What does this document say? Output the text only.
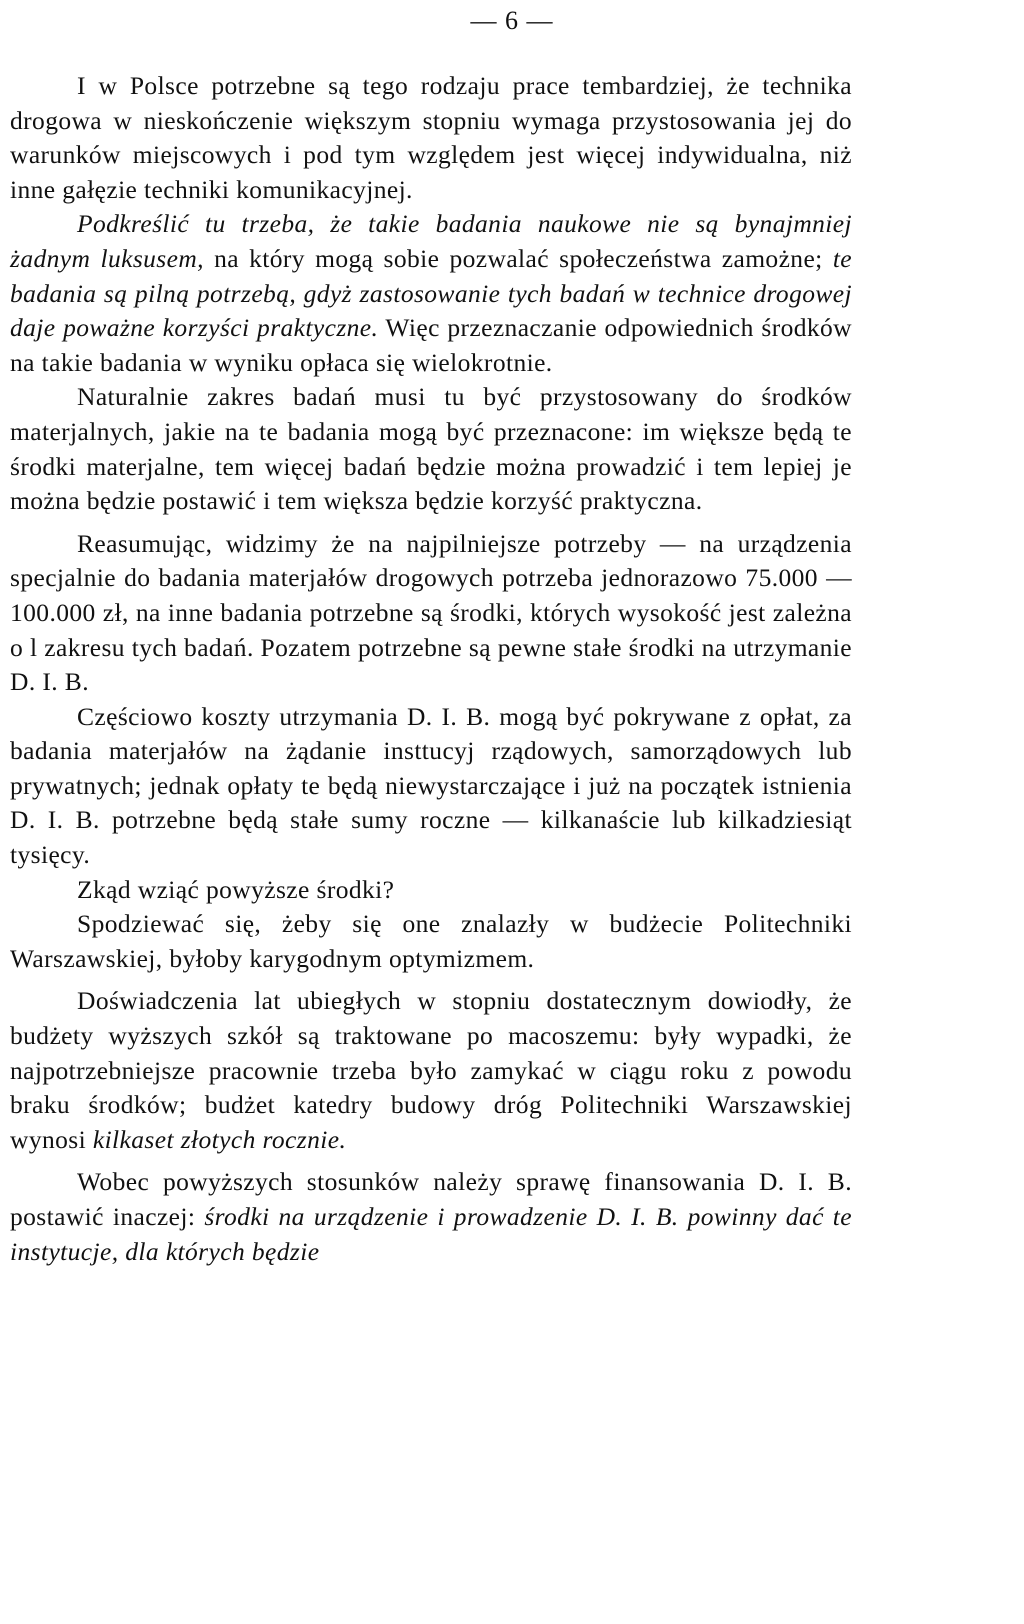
— 6 —

I w Polsce potrzebne są tego rodzaju prace tembardziej, że technika drogowa w nieskończenie większym stopniu wymaga przystosowania jej do warunków miejscowych i pod tym względem jest więcej indywidualna, niż inne gałęzie techniki komunikacyjnej.

Podkreślić tu trzeba, że takie badania naukowe nie są bynajmniej żadnym luksusem, na który mogą sobie pozwalać społeczeństwa zamożne; te badania są pilną potrzebą, gdyż zastosowanie tych badań w technice drogowej daje poważne korzyści praktyczne. Więc przeznaczanie odpowiednich środków na takie badania w wyniku opłaca się wielokrotnie.

Naturalnie zakres badań musi tu być przystosowany do środków materjalnych, jakie na te badania mogą być przeznacone: im większe będą te środki materjalne, tem więcej badań będzie można prowadzić i tem lepiej je można będzie postawić i tem większa będzie korzyść praktyczna.

Reasumując, widzimy że na najpilniejsze potrzeby — na urządzenia specjalnie do badania materjałów drogowych potrzeba jednorazowo 75.000 — 100.000 zł, na inne badania potrzebne są środki, których wysokość jest zależna o l zakresu tych badań. Pozatem potrzebne są pewne stałe środki na utrzymanie D. I. B.

Częściowo koszty utrzymania D. I. B. mogą być pokrywane z opłat, za badania materjałów na żądanie insttucyj rządowych, samorządowych lub prywatnych; jednak opłaty te będą niewystarczające i już na początek istnienia D. I. B. potrzebne będą stałe sumy roczne — kilkanaście lub kilkadziesiąt tysięcy.

Zkąd wziąć powyższe środki?

Spodziewać się, żeby się one znalazły w budżecie Politechniki Warszawskiej, byłoby karygodnym optymizmem.

Doświadczenia lat ubiegłych w stopniu dostatecznym dowiodły, że budżety wyższych szkół są traktowane po macoszemu: były wypadki, że najpotrzebniejsze pracownie trzeba było zamykać w ciągu roku z powodu braku środków; budżet katedry budowy dróg Politechniki Warszawskiej wynosi kilkaset złotych rocznie.

Wobec powyższych stosunków należy sprawę finansowania D. I. B. postawić inaczej: środki na urządzenie i prowadzenie D. I. B. powinny dać te instytucje, dla których będzie
